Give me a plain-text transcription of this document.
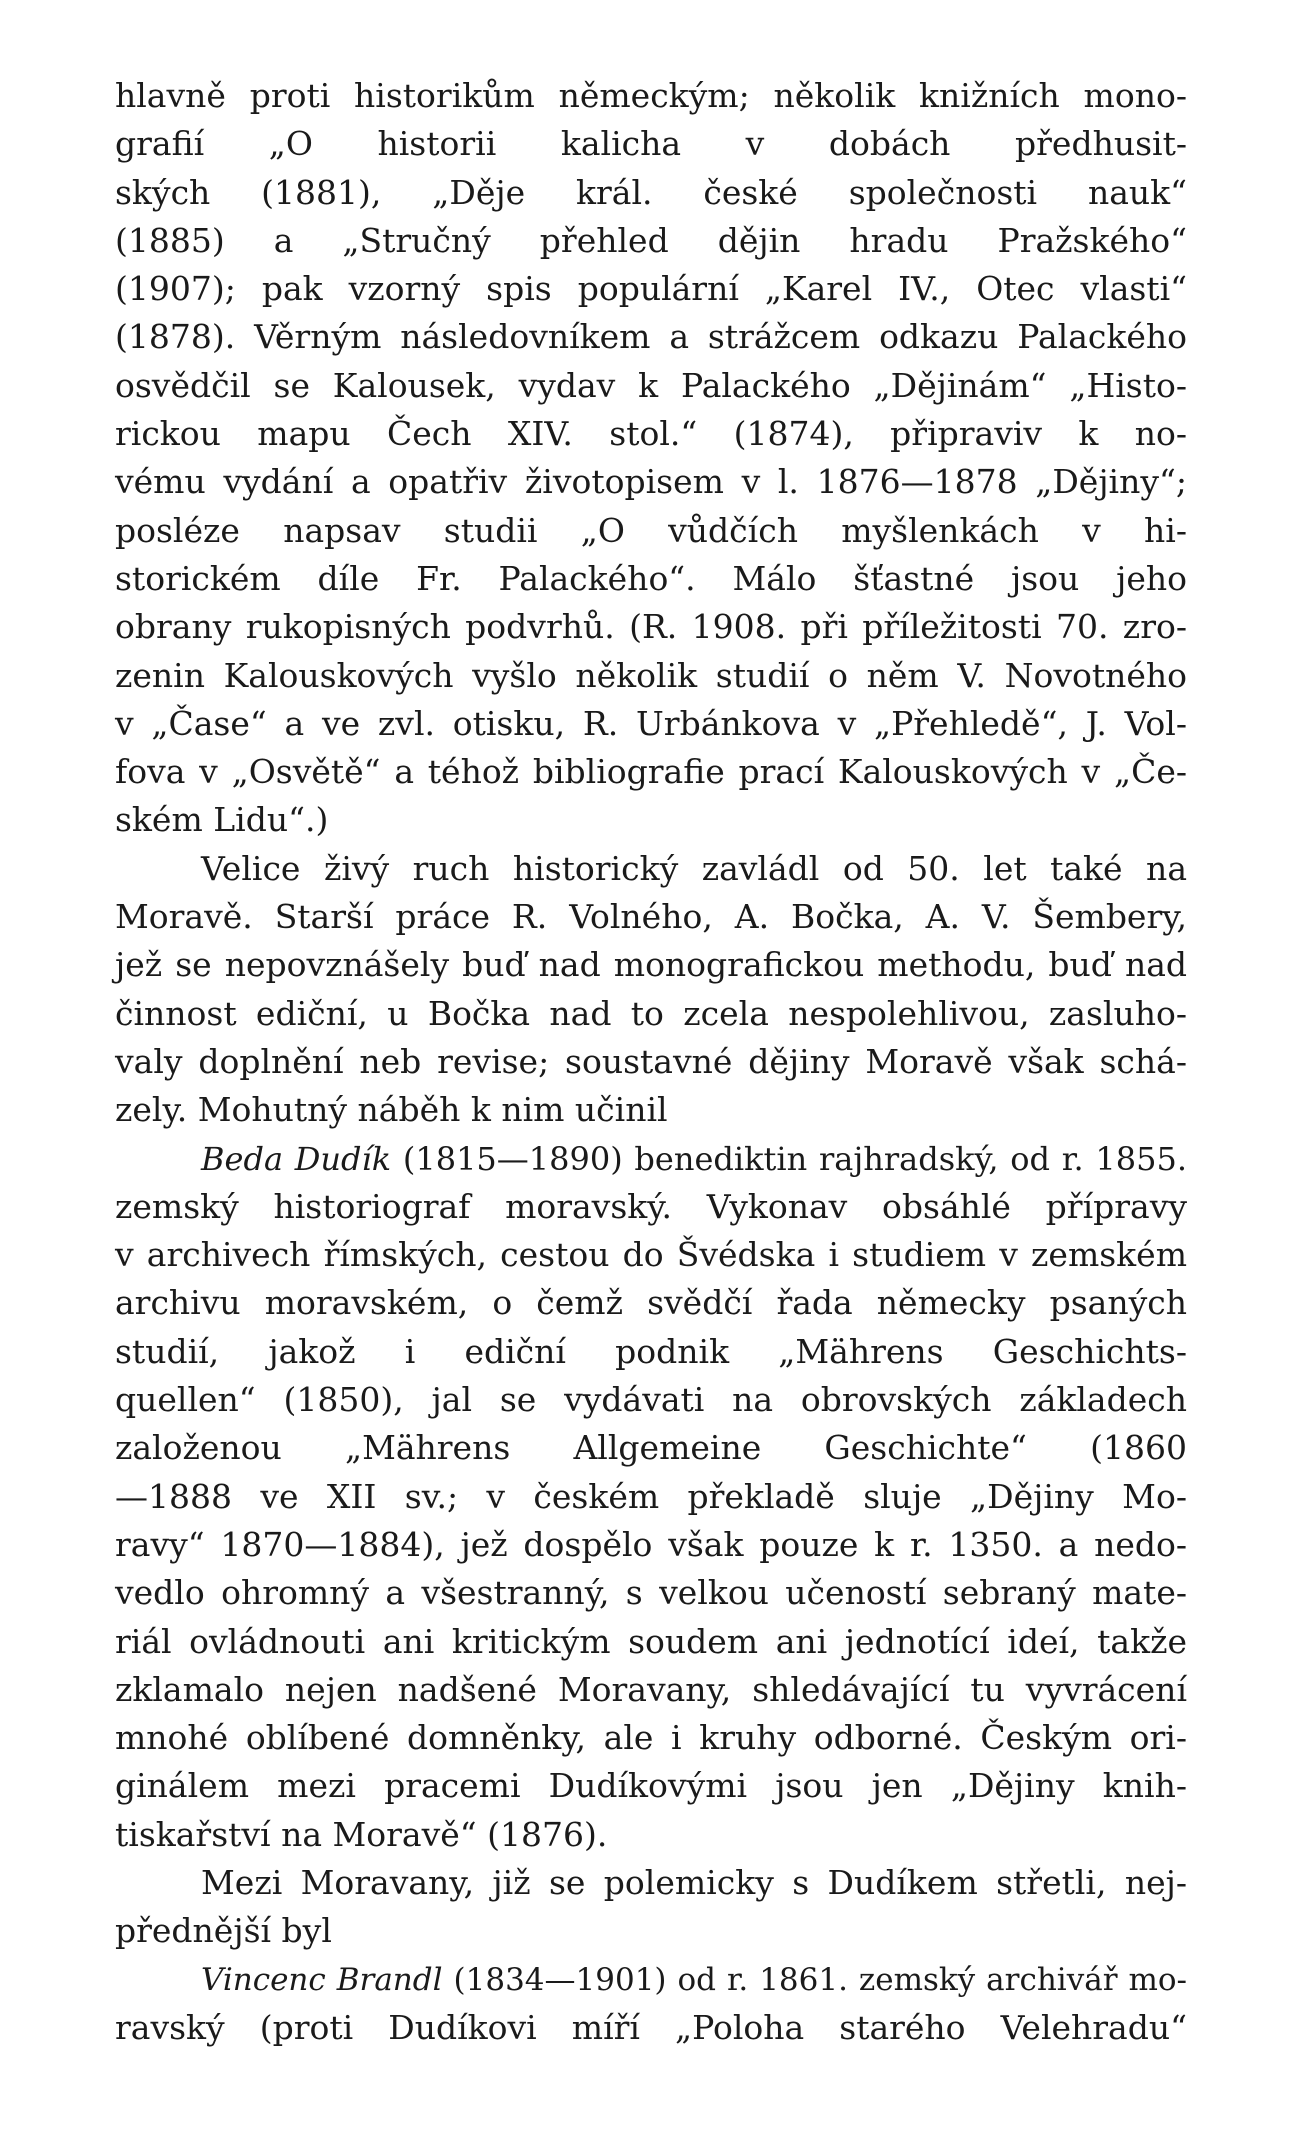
hlavně proti historikům německým; několik knižních mono-
grafií „O historii kalicha v dobách předhusit-
ských (1881), „Děje král. české společnosti nauk“
(1885) a „Stručný přehled dějin hradu Pražského“
(1907); pak vzorný spis populární „Karel IV., Otec vlasti“
(1878). Věrným následovníkem a strážcem odkazu Palackého
osvědčil se Kalousek, vydav k Palackého „Dějinám“ „Histo-
rickou mapu Čech XIV. stol.“ (1874), připraviv k no-
vému vydání a opatřiv životopisem v l. 1876—1878 „Dějiny“;
posléze napsav studii „O vůdčích myšlenkách v hi-
storickém díle Fr. Palackého“. Málo šťastné jsou jeho
obrany rukopisných podvrhů. (R. 1908. při příležitosti 70. zro-
zenin Kalouskových vyšlo několik studií o něm V. Novotného
v „Čase“ a ve zvl. otisku, R. Urbánkova v „Přehledě“, J. Vol-
fova v „Osvětě“ a téhož bibliografie prací Kalouskových v „Če-
ském Lidu“.)
Velice živý ruch historický zavládl od 50. let také na
Moravě. Starší práce R. Volného, A. Bočka, A. V. Šembery,
jež se nepovznášely buď nad monografickou methodu, buď nad
činnost ediční, u Bočka nad to zcela nespolehlivou, zasluho-
valy doplnění neb revise; soustavné dějiny Moravě však schá-
zely. Mohutný náběh k nim učinil
Beda Dudík (1815—1890) benediktin rajhradský, od r. 1855.
zemský historiograf moravský. Vykonav obsáhlé přípravy
v archivech římských, cestou do Švédska i studiem v zemském
archivu moravském, o čemž svědčí řada německy psaných
studií, jakož i ediční podnik „Mährens Geschichts-
quellen“ (1850), jal se vydávati na obrovských základech
založenou „Mährens Allgemeine Geschichte“ (1860
—1888 ve XII sv.; v českém překladě sluje „Dějiny Mo-
ravy“ 1870—1884), jež dospělo však pouze k r. 1350. a nedo-
vedlo ohromný a všestranný, s velkou učeností sebraný mate-
riál ovládnouti ani kritickým soudem ani jednotící ideí, takže
zklamalo nejen nadšené Moravany, shledávající tu vyvrácení
mnohé oblíbené domněnky, ale i kruhy odborné. Českým ori-
ginálem mezi pracemi Dudíkovými jsou jen „Dějiny knih-
tiskařství na Moravě“ (1876).
Mezi Moravany, již se polemicky s Dudíkem střetli, nej-
přednější byl
Vincenc Brandl (1834—1901) od r. 1861. zemský archivář mo-
ravský (proti Dudíkovi míří „Poloha starého Velehradu“
